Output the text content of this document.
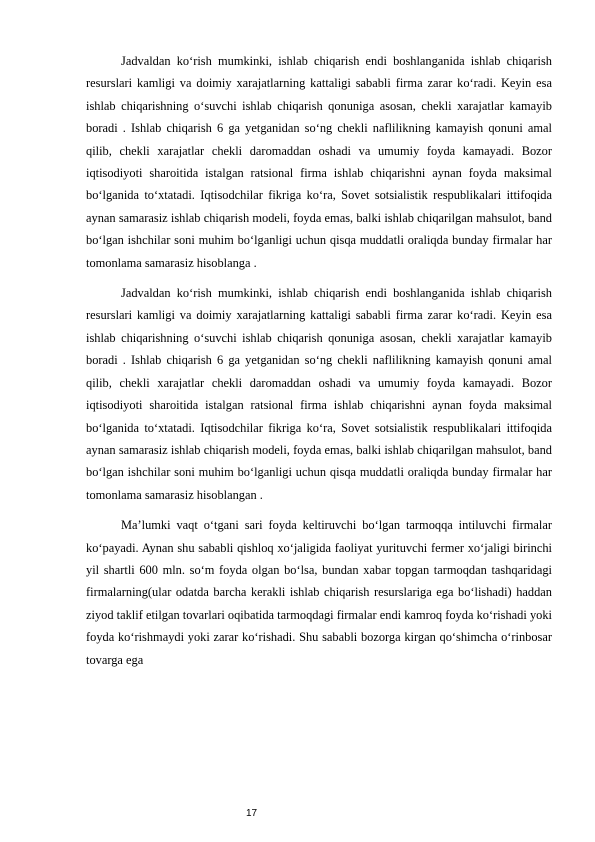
Jadvaldan ko‘rish mumkinki, ishlab chiqarish endi boshlanganida ishlab chiqarish resurslari kamligi va doimiy xarajatlarning kattaligi sababli firma zarar ko‘radi. Keyin esa ishlab chiqarishning o‘suvchi ishlab chiqarish qonuniga asosan, chekli xarajatlar kamayib boradi . Ishlab chiqarish 6 ga yetganidan so‘ng chekli naflilikning kamayish qonuni amal qilib, chekli xarajatlar chekli daromaddan oshadi va umumiy foyda kamayadi. Bozor iqtisodiyoti sharoitida istalgan ratsional firma ishlab chiqarishni aynan foyda maksimal bo‘lganida to‘xtatadi. Iqtisodchilar fikriga ko‘ra, Sovet sotsialistik respublikalari ittifoqida aynan samarasiz ishlab chiqarish modeli, foyda emas, balki ishlab chiqarilgan mahsulot, band bo‘lgan ishchilar soni muhim bo‘lganligi uchun qisqa muddatli oraliqda bunday firmalar har tomonlama samarasiz hisoblanga .

Jadvaldan ko‘rish mumkinki, ishlab chiqarish endi boshlanganida ishlab chiqarish resurslari kamligi va doimiy xarajatlarning kattaligi sababli firma zarar ko‘radi. Keyin esa ishlab chiqarishning o‘suvchi ishlab chiqarish qonuniga asosan, chekli xarajatlar kamayib boradi . Ishlab chiqarish 6 ga yetganidan so‘ng chekli naflilikning kamayish qonuni amal qilib, chekli xarajatlar chekli daromaddan oshadi va umumiy foyda kamayadi. Bozor iqtisodiyoti sharoitida istalgan ratsional firma ishlab chiqarishni aynan foyda maksimal bo‘lganida to‘xtatadi. Iqtisodchilar fikriga ko‘ra, Sovet sotsialistik respublikalari ittifoqida aynan samarasiz ishlab chiqarish modeli, foyda emas, balki ishlab chiqarilgan mahsulot, band bo‘lgan ishchilar soni muhim bo‘lganligi uchun qisqa muddatli oraliqda bunday firmalar har tomonlama samarasiz hisoblangan .

Ma’lumki vaqt o‘tgani sari foyda keltiruvchi bo‘lgan tarmoqqa intiluvchi firmalar ko‘payadi. Aynan shu sababli qishloq xo‘jaligida faoliyat yurituvchi fermer xo‘jaligi birinchi yil shartli 600 mln. so‘m foyda olgan bo‘lsa, bundan xabar topgan tarmoqdan tashqaridagi firmalarning(ular odatda barcha kerakli ishlab chiqarish resurslariga ega bo‘lishadi) haddan ziyod taklif etilgan tovarlari oqibatida tarmoqdagi firmalar endi kamroq foyda ko‘rishadi yoki foyda ko‘rishmaydi yoki zarar ko‘rishadi. Shu sababli bozorga kirgan qo‘shimcha o‘rinbosar tovarga ega

17
